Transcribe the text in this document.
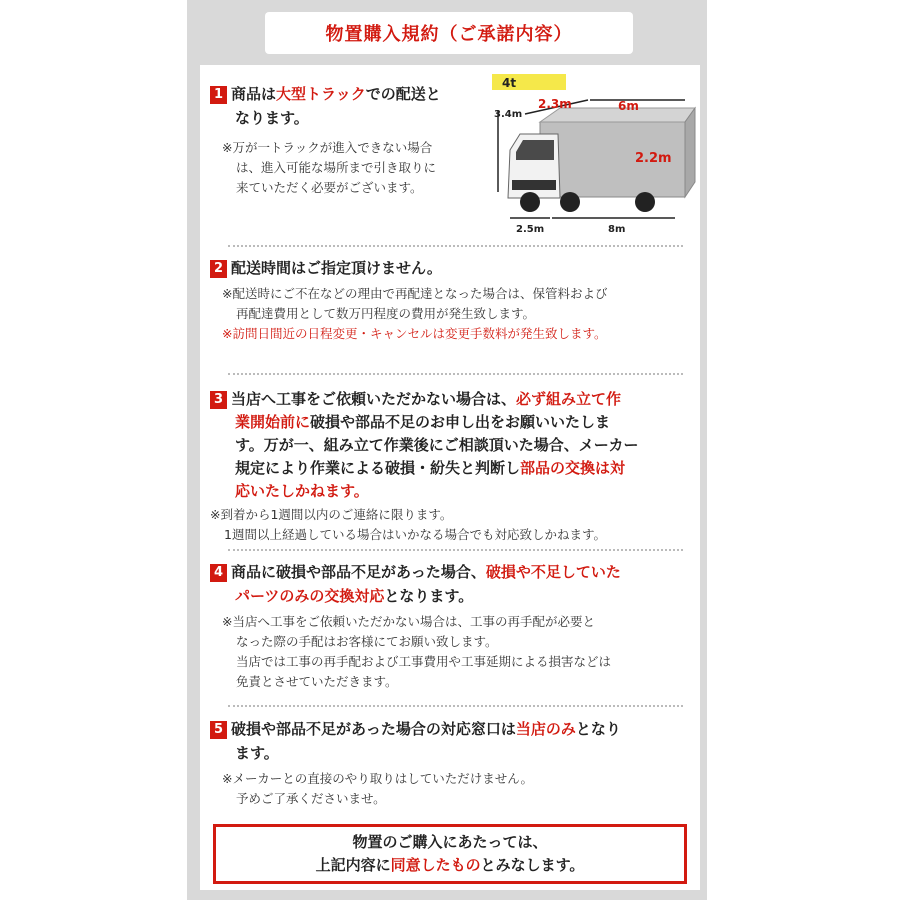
物置購入規約（ご承諾内容）
1 商品は大型トラックでの配送と
なります。
※万が一トラックが進入できない場合
は、進入可能な場所まで引き取りに
来ていただく必要がございます。
4t
3.4m
2.3m	6m
2.2m
2.5m	8m
2 配送時間はご指定頂けません。
※配送時にご不在などの理由で再配達となった場合は、保管料および
再配達費用として数万円程度の費用が発生致します。
※訪問日間近の日程変更・キャンセルは変更手数料が発生致します。
3 当店へ工事をご依頼いただかない場合は、必ず組み立て作
業開始前に破損や部品不足のお申し出をお願いいたしま
す。万が一、組み立て作業後にご相談頂いた場合、メーカー
規定により作業による破損・紛失と判断し部品の交換は対
応いたしかねます。
※到着から1週間以内のご連絡に限ります。
1週間以上経過している場合はいかなる場合でも対応致しかねます。
4 商品に破損や部品不足があった場合、破損や不足していた
パーツのみの交換対応となります。
※当店へ工事をご依頼いただかない場合は、工事の再手配が必要と
なった際の手配はお客様にてお願い致します。
当店では工事の再手配および工事費用や工事延期による損害などは
免責とさせていただきます。
5 破損や部品不足があった場合の対応窓口は当店のみとなり
ます。
※メーカーとの直接のやり取りはしていただけません。
予めご了承くださいませ。
物置のご購入にあたっては、
上記内容に同意したものとみなします。
